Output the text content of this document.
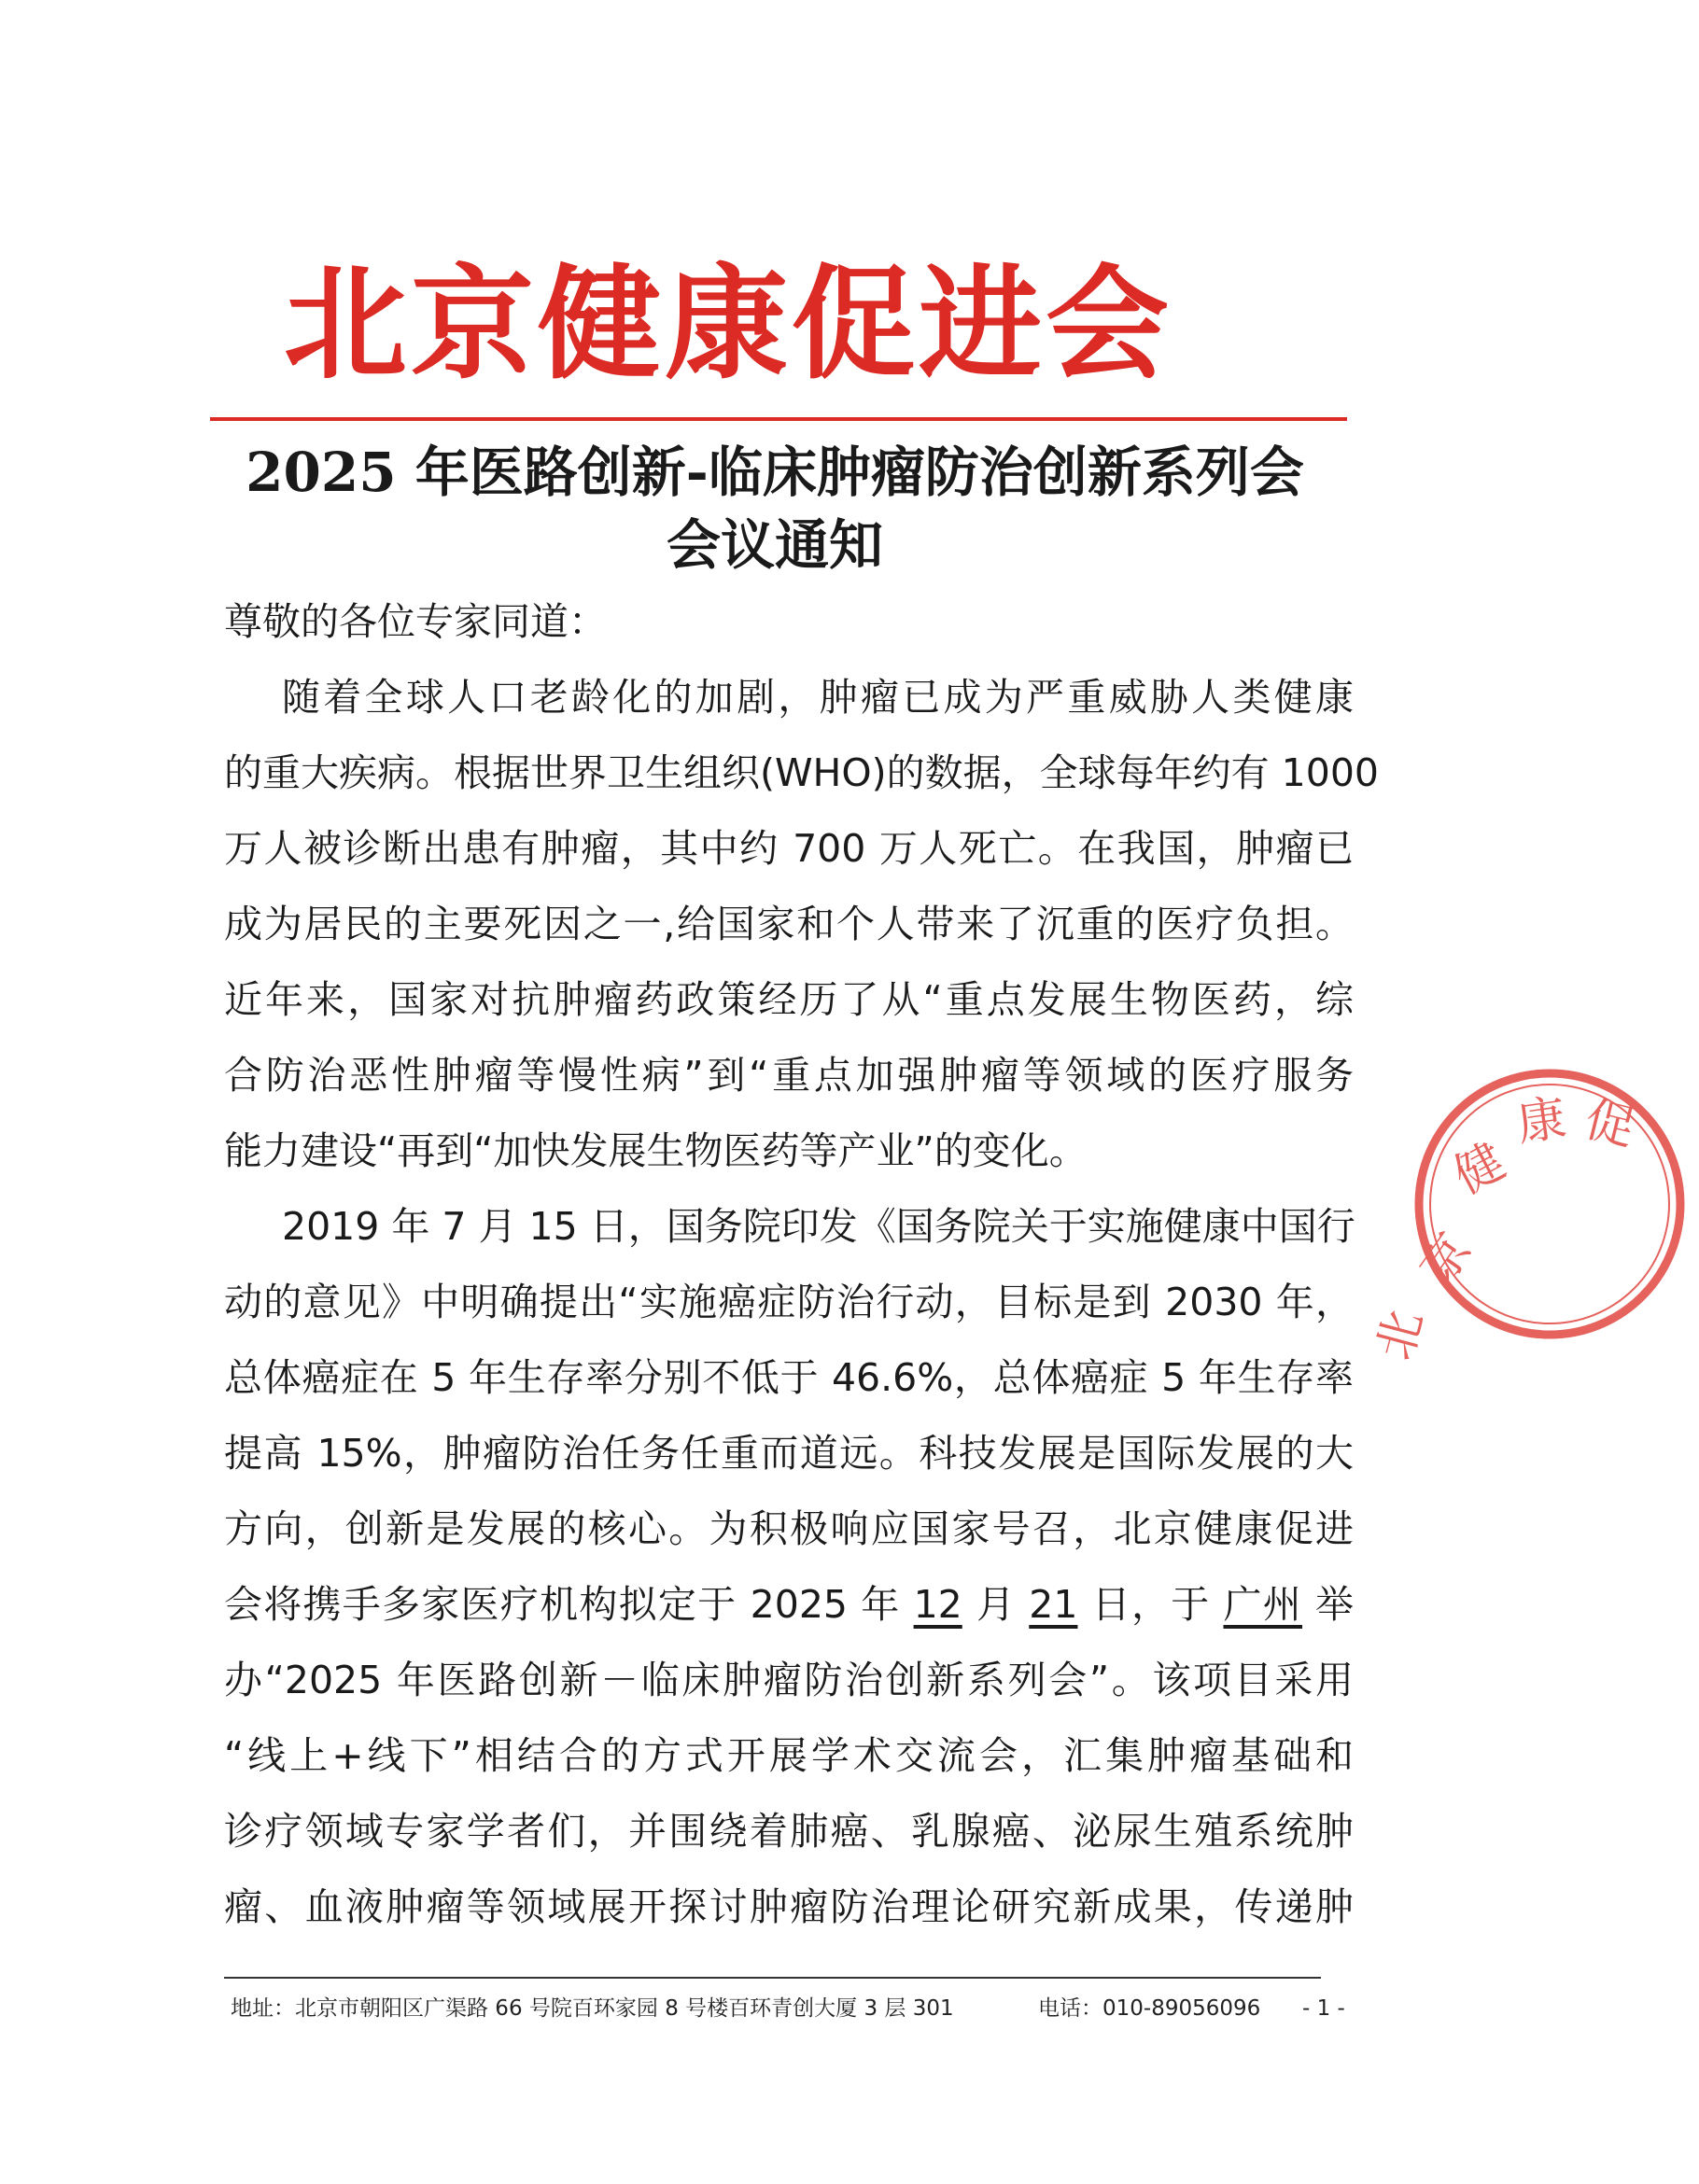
北京健康促进会
2025 年医路创新-临床肿瘤防治创新系列会
会议通知
尊敬的各位专家同道：
随着全球人口老龄化的加剧，肿瘤已成为严重威胁人类健康
的重大疾病。根据世界卫生组织(WHO)的数据，全球每年约有 1000
万人被诊断出患有肿瘤，其中约 700 万人死亡。在我国，肿瘤已
成为居民的主要死因之一,给国家和个人带来了沉重的医疗负担。
近年来，国家对抗肿瘤药政策经历了从“重点发展生物医药，综
合防治恶性肿瘤等慢性病”到“重点加强肿瘤等领域的医疗服务
能力建设“再到“加快发展生物医药等产业”的变化。
2019 年 7 月 15 日，国务院印发《国务院关于实施健康中国行
动的意见》中明确提出“实施癌症防治行动，目标是到 2030 年，
总体癌症在 5 年生存率分别不低于 46.6%，总体癌症 5 年生存率
提高 15%，肿瘤防治任务任重而道远。科技发展是国际发展的大
方向，创新是发展的核心。为积极响应国家号召，北京健康促进
会将携手多家医疗机构拟定于 2025 年 12 月 21 日，于 广州 举
办“2025 年医路创新－临床肿瘤防治创新系列会”。该项目采用
“线上+线下”相结合的方式开展学术交流会，汇集肿瘤基础和
诊疗领域专家学者们，并围绕着肺癌、乳腺癌、泌尿生殖系统肿
瘤、血液肿瘤等领域展开探讨肿瘤防治理论研究新成果，传递肿
京
健
康
北
促
地址：北京市朝阳区广渠路 66 号院百环家园 8 号楼百环青创大厦 3 层 301	电话：010-89056096 - 1 -
